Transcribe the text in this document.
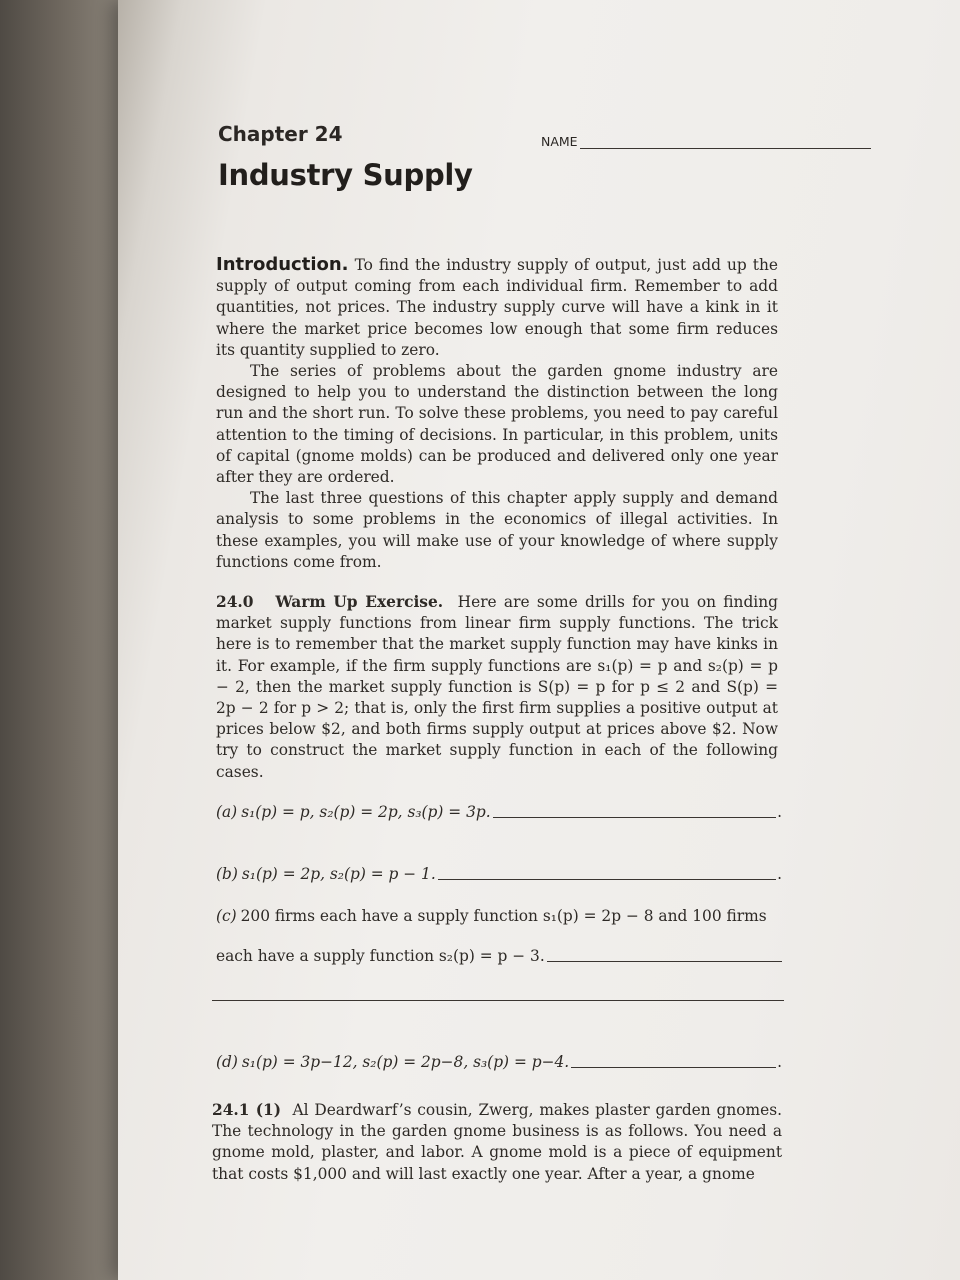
Chapter 24	NAME
Industry Supply

Introduction. To find the industry supply of output, just add up the supply of output coming from each individual firm. Remember to add quantities, not prices. The industry supply curve will have a kink in it where the market price becomes low enough that some firm reduces its quantity supplied to zero.

The series of problems about the garden gnome industry are designed to help you to understand the distinction between the long run and the short run. To solve these problems, you need to pay careful attention to the timing of decisions. In particular, in this problem, units of capital (gnome molds) can be produced and delivered only one year after they are ordered.

The last three questions of this chapter apply supply and demand analysis to some problems in the economics of illegal activities. In these examples, you will make use of your knowledge of where supply functions come from.

24.0 Warm Up Exercise. Here are some drills for you on finding market supply functions from linear firm supply functions. The trick here is to remember that the market supply function may have kinks in it. For example, if the firm supply functions are s₁(p) = p and s₂(p) = p − 2, then the market supply function is S(p) = p for p ≤ 2 and S(p) = 2p − 2 for p > 2; that is, only the first firm supplies a positive output at prices below $2, and both firms supply output at prices above $2. Now try to construct the market supply function in each of the following cases.

(a) s₁(p) = p, s₂(p) = 2p, s₃(p) = 3p.	.
(b) s₁(p) = 2p, s₂(p) = p − 1.	.
(c) 200 firms each have a supply function s₁(p) = 2p − 8 and 100 firms
each have a supply function s₂(p) = p − 3.
(d) s₁(p) = 3p−12, s₂(p) = 2p−8, s₃(p) = p−4.	.

24.1 (1) Al Deardwarf’s cousin, Zwerg, makes plaster garden gnomes. The technology in the garden gnome business is as follows. You need a gnome mold, plaster, and labor. A gnome mold is a piece of equipment that costs $1,000 and will last exactly one year. After a year, a gnome
